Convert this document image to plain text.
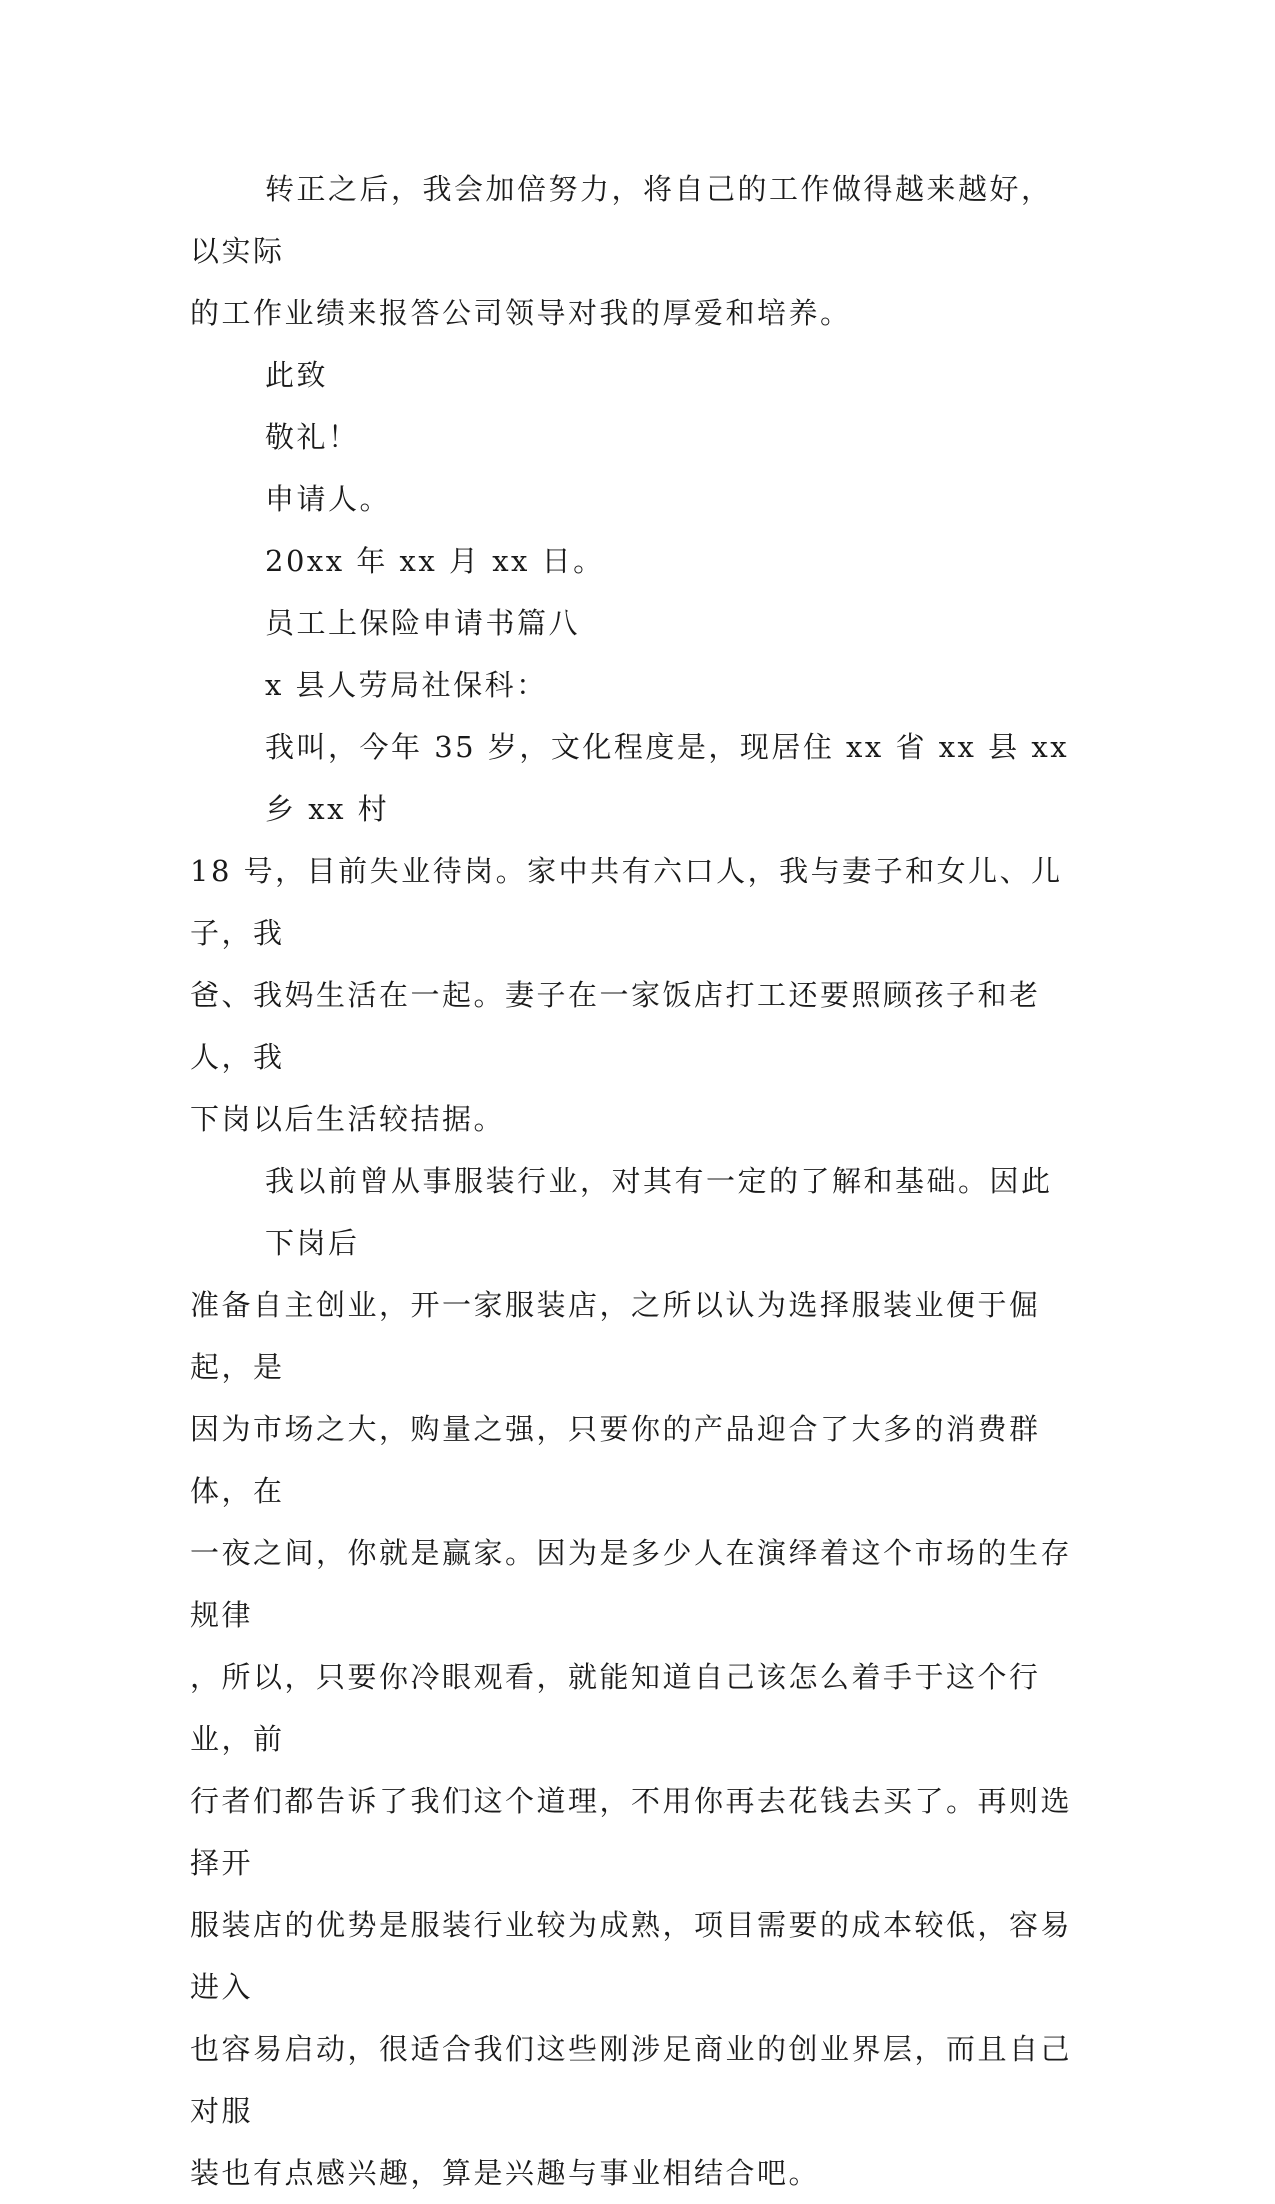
转正之后，我会加倍努力，将自己的工作做得越来越好，以实际
的工作业绩来报答公司领导对我的厚爱和培养。

此致

敬礼！

申请人。

20xx 年 xx 月 xx 日。

员工上保险申请书篇八

x 县人劳局社保科：

我叫，今年 35 岁，文化程度是，现居住 xx 省 xx 县 xx 乡 xx 村
18 号，目前失业待岗。家中共有六口人，我与妻子和女儿、儿子，我
爸、我妈生活在一起。妻子在一家饭店打工还要照顾孩子和老人，我
下岗以后生活较拮据。
我以前曾从事服装行业，对其有一定的了解和基础。因此下岗后
准备自主创业，开一家服装店，之所以认为选择服装业便于倔起，是
因为市场之大，购量之强，只要你的产品迎合了大多的消费群体，在
一夜之间，你就是赢家。因为是多少人在演绎着这个市场的生存规律
，所以，只要你冷眼观看，就能知道自己该怎么着手于这个行业，前
行者们都告诉了我们这个道理，不用你再去花钱去买了。再则选择开
服装店的优势是服装行业较为成熟，项目需要的成本较低，容易进入
也容易启动，很适合我们这些刚涉足商业的创业界层，而且自己对服
装也有点感兴趣，算是兴趣与事业相结合吧。
